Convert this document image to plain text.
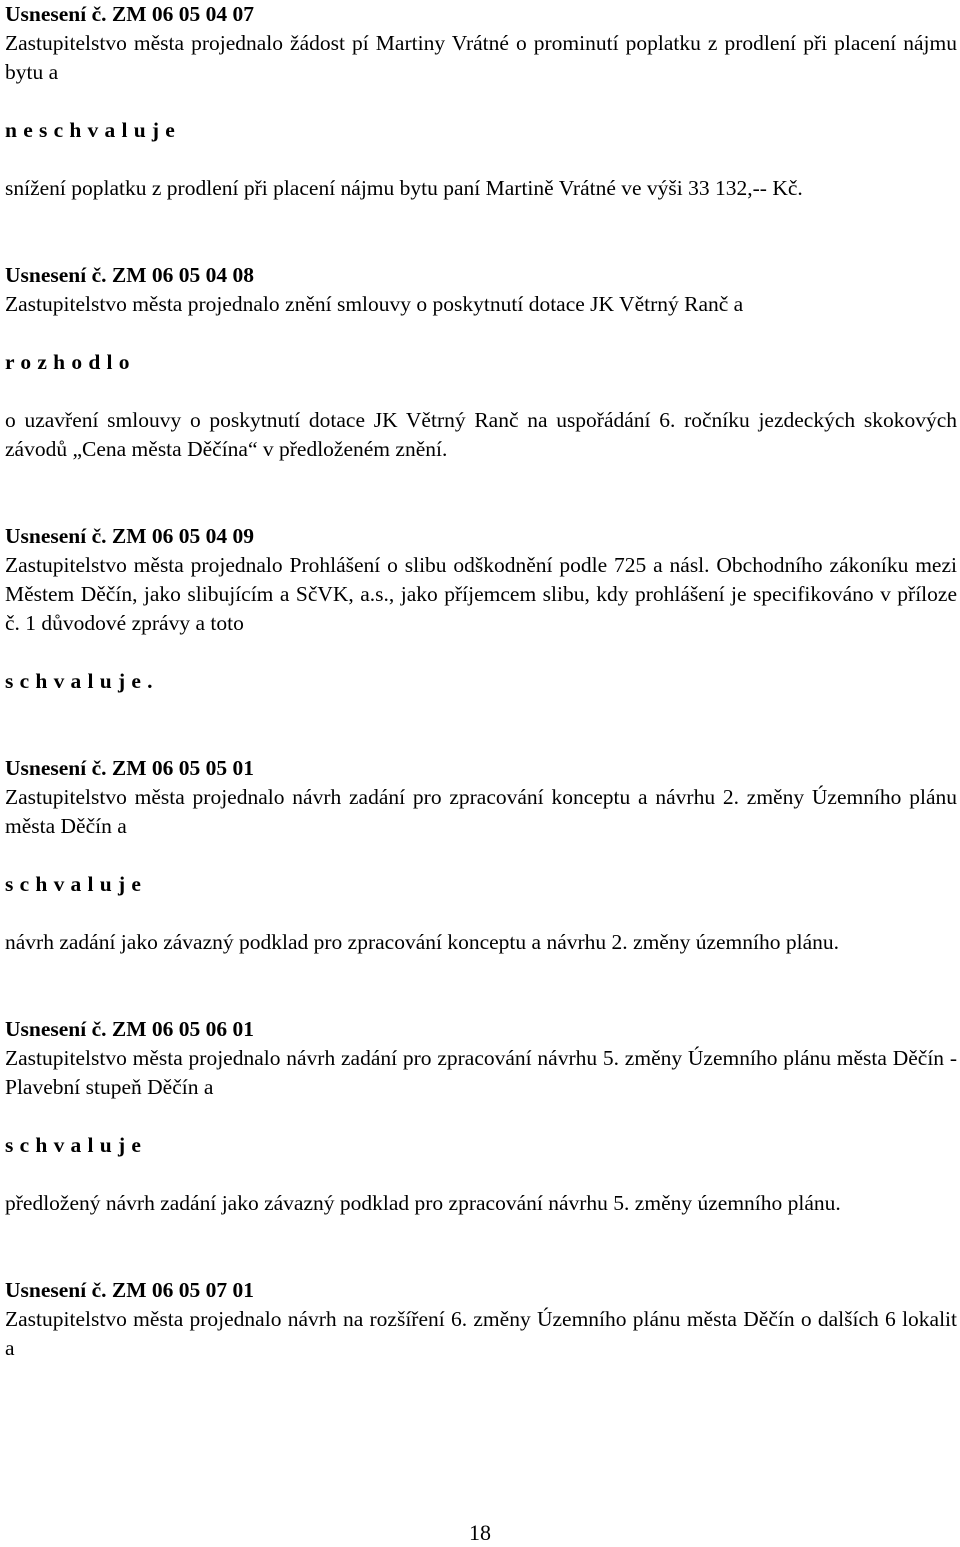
Usnesení č. ZM 06 05 04 07

Zastupitelstvo města projednalo žádost pí Martiny Vrátné o prominutí poplatku z prodlení při placení nájmu bytu a

n e s c h v a l u j e

snížení poplatku z prodlení při placení nájmu bytu paní Martině Vrátné ve výši 33 132,-- Kč.

Usnesení č. ZM 06 05 04 08

Zastupitelstvo města projednalo znění smlouvy o poskytnutí dotace JK Větrný Ranč a

r o z h o d l o

o uzavření smlouvy o poskytnutí dotace JK Větrný Ranč na uspořádání 6. ročníku jezdeckých skokových závodů „Cena města Děčína“ v předloženém znění.

Usnesení č. ZM 06 05 04 09

Zastupitelstvo města projednalo Prohlášení o slibu odškodnění podle 725 a násl. Obchodního zákoníku mezi Městem Děčín, jako slibujícím a SčVK, a.s., jako příjemcem slibu, kdy prohlášení je specifikováno v příloze č. 1 důvodové zprávy a toto

s c h v a l u j e .

Usnesení č. ZM 06 05 05 01

Zastupitelstvo města projednalo návrh zadání pro zpracování konceptu a návrhu 2. změny Územního plánu města Děčín a

s c h v a l u j e

návrh zadání jako závazný podklad pro zpracování konceptu a návrhu 2. změny územního plánu.

Usnesení č. ZM 06 05 06 01

Zastupitelstvo města projednalo návrh zadání pro zpracování návrhu 5. změny Územního plánu města Děčín - Plavební stupeň Děčín a

s c h v a l u j e

předložený návrh zadání jako závazný podklad pro zpracování návrhu 5. změny územního plánu.

Usnesení č. ZM 06 05 07 01

Zastupitelstvo města projednalo návrh na rozšíření 6. změny Územního plánu města Děčín o dalších 6 lokalit a

18
